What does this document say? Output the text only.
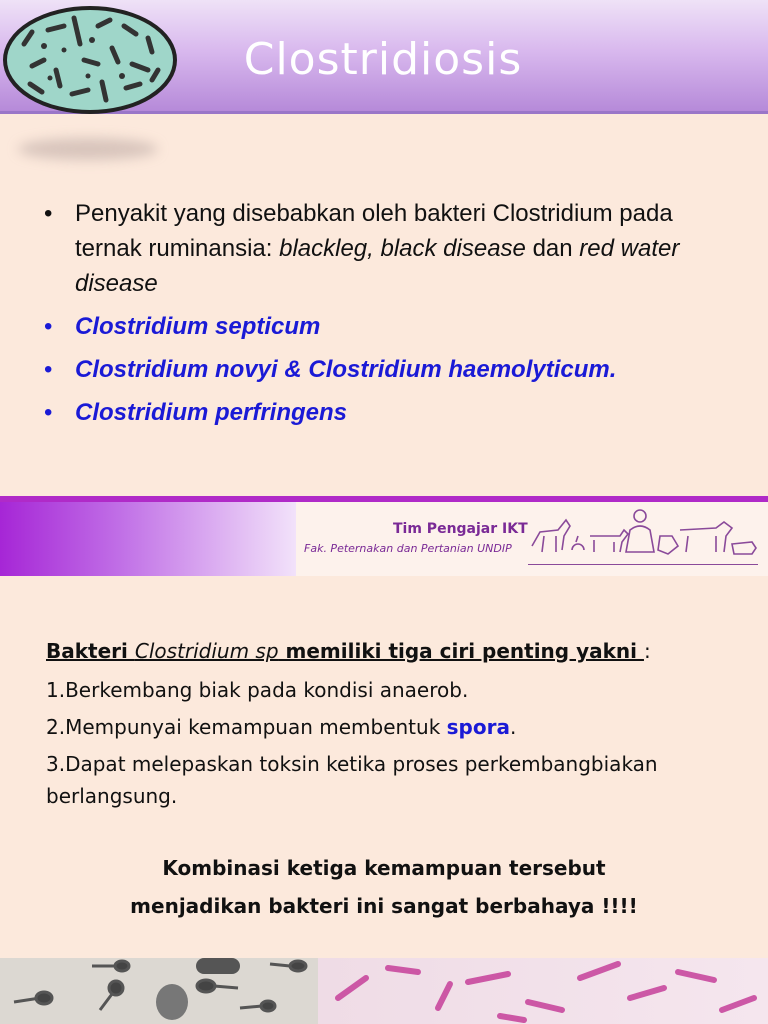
Clostridiosis
• Penyakit yang disebabkan oleh bakteri Clostridium pada ternak ruminansia: blackleg, black disease dan red water disease
• Clostridium septicum
• Clostridium novyi & Clostridium haemolyticum.
• Clostridium perfringens
Tim Pengajar IKT
Fak. Peternakan dan Pertanian UNDIP
Bakteri Clostridium sp memiliki tiga ciri penting yakni :
1.Berkembang biak pada kondisi anaerob.
2.Mempunyai kemampuan membentuk spora.
3.Dapat melepaskan toksin ketika proses perkembangbiakan berlangsung.
Kombinasi ketiga kemampuan tersebut
menjadikan bakteri ini sangat berbahaya !!!!
